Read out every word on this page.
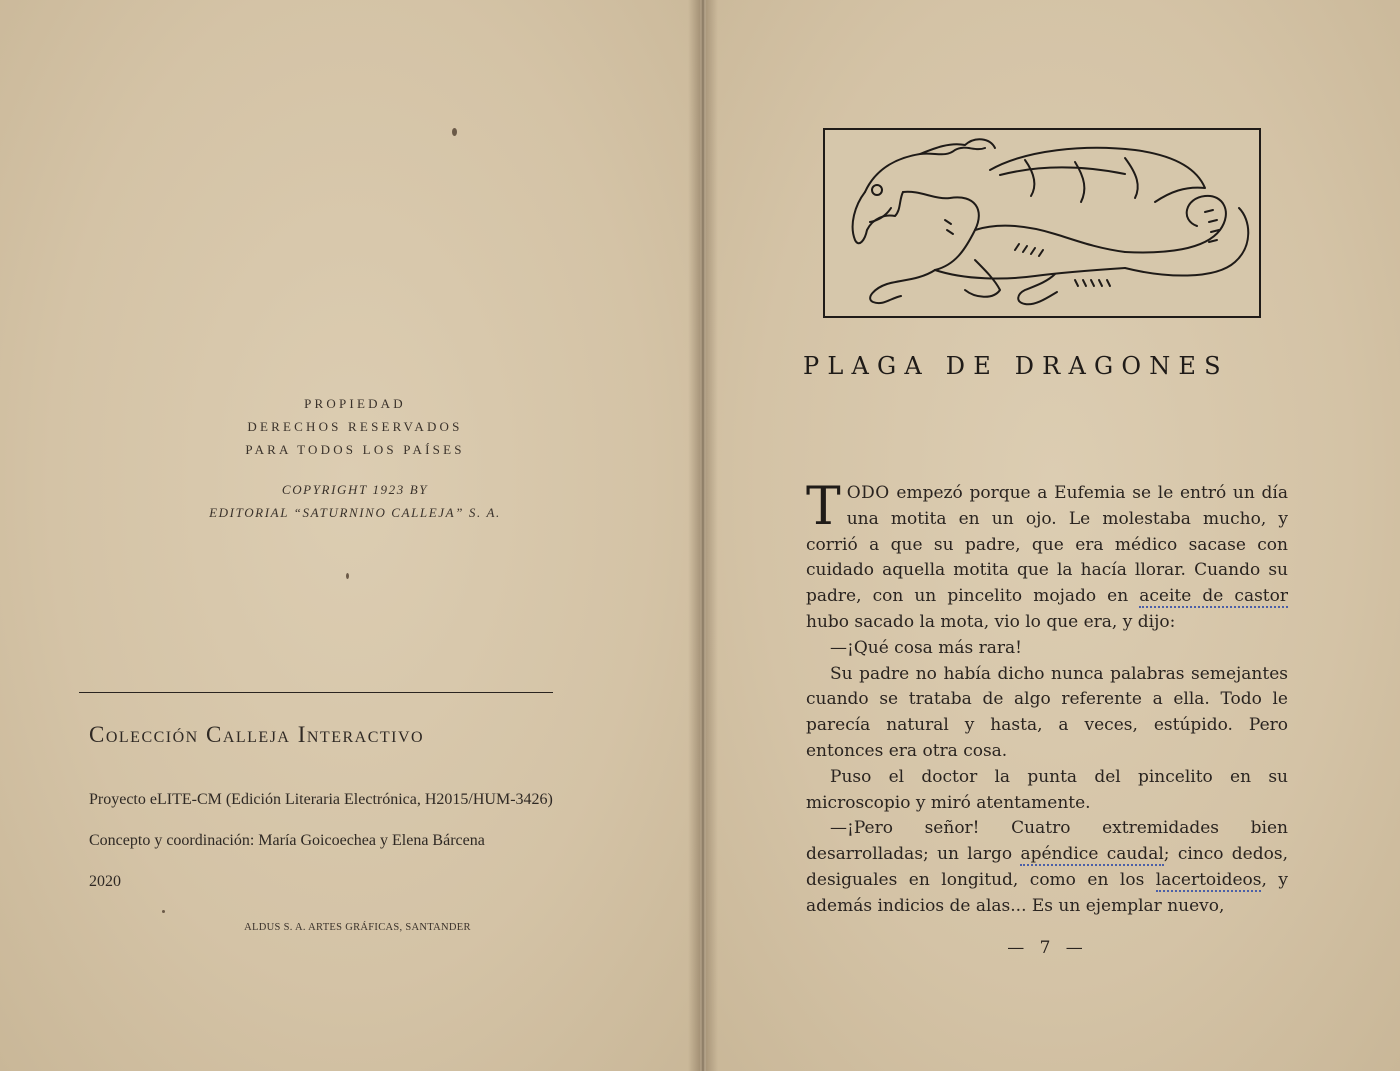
PROPIEDAD
DERECHOS RESERVADOS
PARA TODOS LOS PAÍSES
COPYRIGHT 1923 BY
EDITORIAL “SATURNINO CALLEJA” S. A.
Colección Calleja Interactivo
Proyecto eLITE-CM (Edición Literaria Electrónica, H2015/HUM-3426)
Concepto y coordinación: María Goicoechea y Elena Bárcena
2020
ALDUS S. A. ARTES GRÁFICAS, SANTANDER
PLAGA DE DRAGONES

TODO empezó porque a Eufemia se le entró un día una motita en un ojo. Le molestaba mucho, y corrió a que su padre, que era médico sacase con cuidado aquella motita que la hacía llorar. Cuando su padre, con un pincelito mojado en aceite de castor hubo sacado la mota, vio lo que era, y dijo:

—¡Qué cosa más rara!

Su padre no había dicho nunca palabras semejantes cuando se trataba de algo referente a ella. Todo le parecía natural y hasta, a veces, estúpido. Pero entonces era otra cosa.

Puso el doctor la punta del pincelito en su microscopio y miró atentamente.

—¡Pero señor! Cuatro extremidades bien desarrolladas; un largo apéndice caudal; cinco dedos, desiguales en longitud, como en los lacertoideos, y además indicios de alas... Es un ejemplar nuevo,

— 7 —
